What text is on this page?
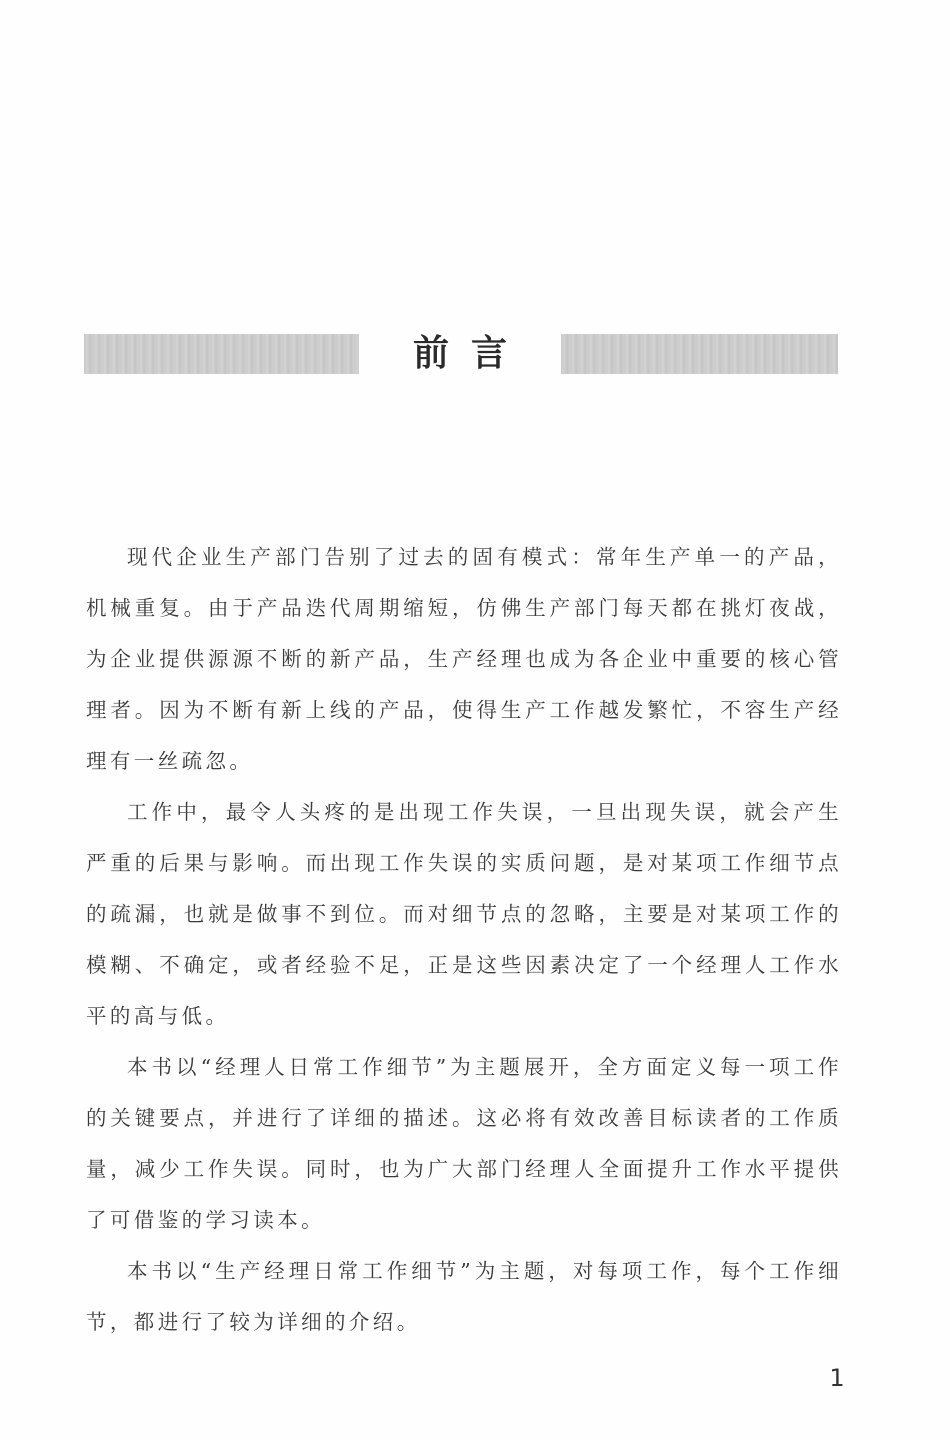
前言

现代企业生产部门告别了过去的固有模式：常年生产单一的产品，机械重复。由于产品迭代周期缩短，仿佛生产部门每天都在挑灯夜战，为企业提供源源不断的新产品，生产经理也成为各企业中重要的核心管理者。因为不断有新上线的产品，使得生产工作越发繁忙，不容生产经理有一丝疏忽。

工作中，最令人头疼的是出现工作失误，一旦出现失误，就会产生严重的后果与影响。而出现工作失误的实质问题，是对某项工作细节点的疏漏，也就是做事不到位。而对细节点的忽略，主要是对某项工作的模糊、不确定，或者经验不足，正是这些因素决定了一个经理人工作水平的高与低。

本书以“经理人日常工作细节”为主题展开，全方面定义每一项工作的关键要点，并进行了详细的描述。这必将有效改善目标读者的工作质量，减少工作失误。同时，也为广大部门经理人全面提升工作水平提供了可借鉴的学习读本。

本书以“生产经理日常工作细节”为主题，对每项工作，每个工作细节，都进行了较为详细的介绍。

1
